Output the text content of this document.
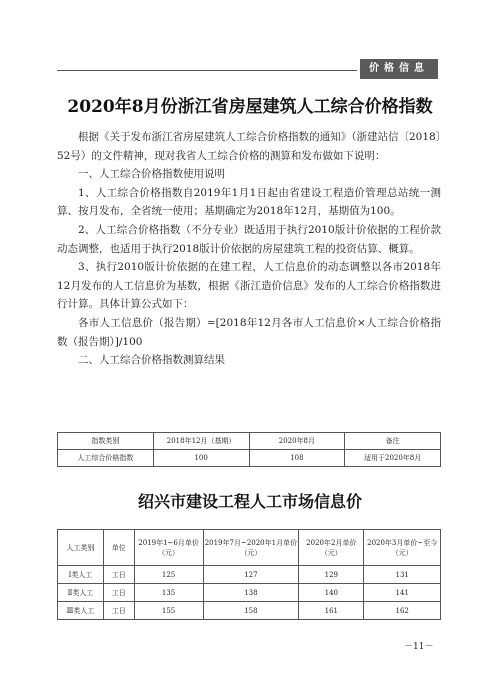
价格信息
2020年8月份浙江省房屋建筑人工综合价格指数

根据《关于发布浙江省房屋建筑人工综合价格指数的通知》（浙建站信〔2018〕52号）的文件精神，现对我省人工综合价格的测算和发布做如下说明：

一、人工综合价格指数使用说明

1、人工综合价格指数自2019年1月1日起由省建设工程造价管理总站统一测算、按月发布，全省统一使用；基期确定为2018年12月，基期值为100。

2、人工综合价格指数（不分专业）既适用于执行2010版计价依据的工程价款动态调整，也适用于执行2018版计价依据的房屋建筑工程的投资估算、概算。

3、执行2010版计价依据的在建工程，人工信息价的动态调整以各市2018年12月发布的人工信息价为基数，根据《浙江造价信息》发布的人工综合价格指数进行计算。具体计算公式如下：

各市人工信息价（报告期）=[2018年12月各市人工信息价×人工综合价格指数（报告期）]/100

二、人工综合价格指数测算结果

指数类别	2018年12月（基期）	2020年8月	备注
人工综合价格指数	100	108	适用于2020年8月
绍兴市建设工程人工市场信息价
人工类别	单位	2019年1~6月单价（元）	2019年7月~2020年1月单价（元）	2020年2月单价（元）	2020年3月单价~至今（元）
Ⅰ类人工	工日	125	127	129	131
Ⅱ类人工	工日	135	138	140	141
Ⅲ类人工	工日	155	158	161	162
－11－
